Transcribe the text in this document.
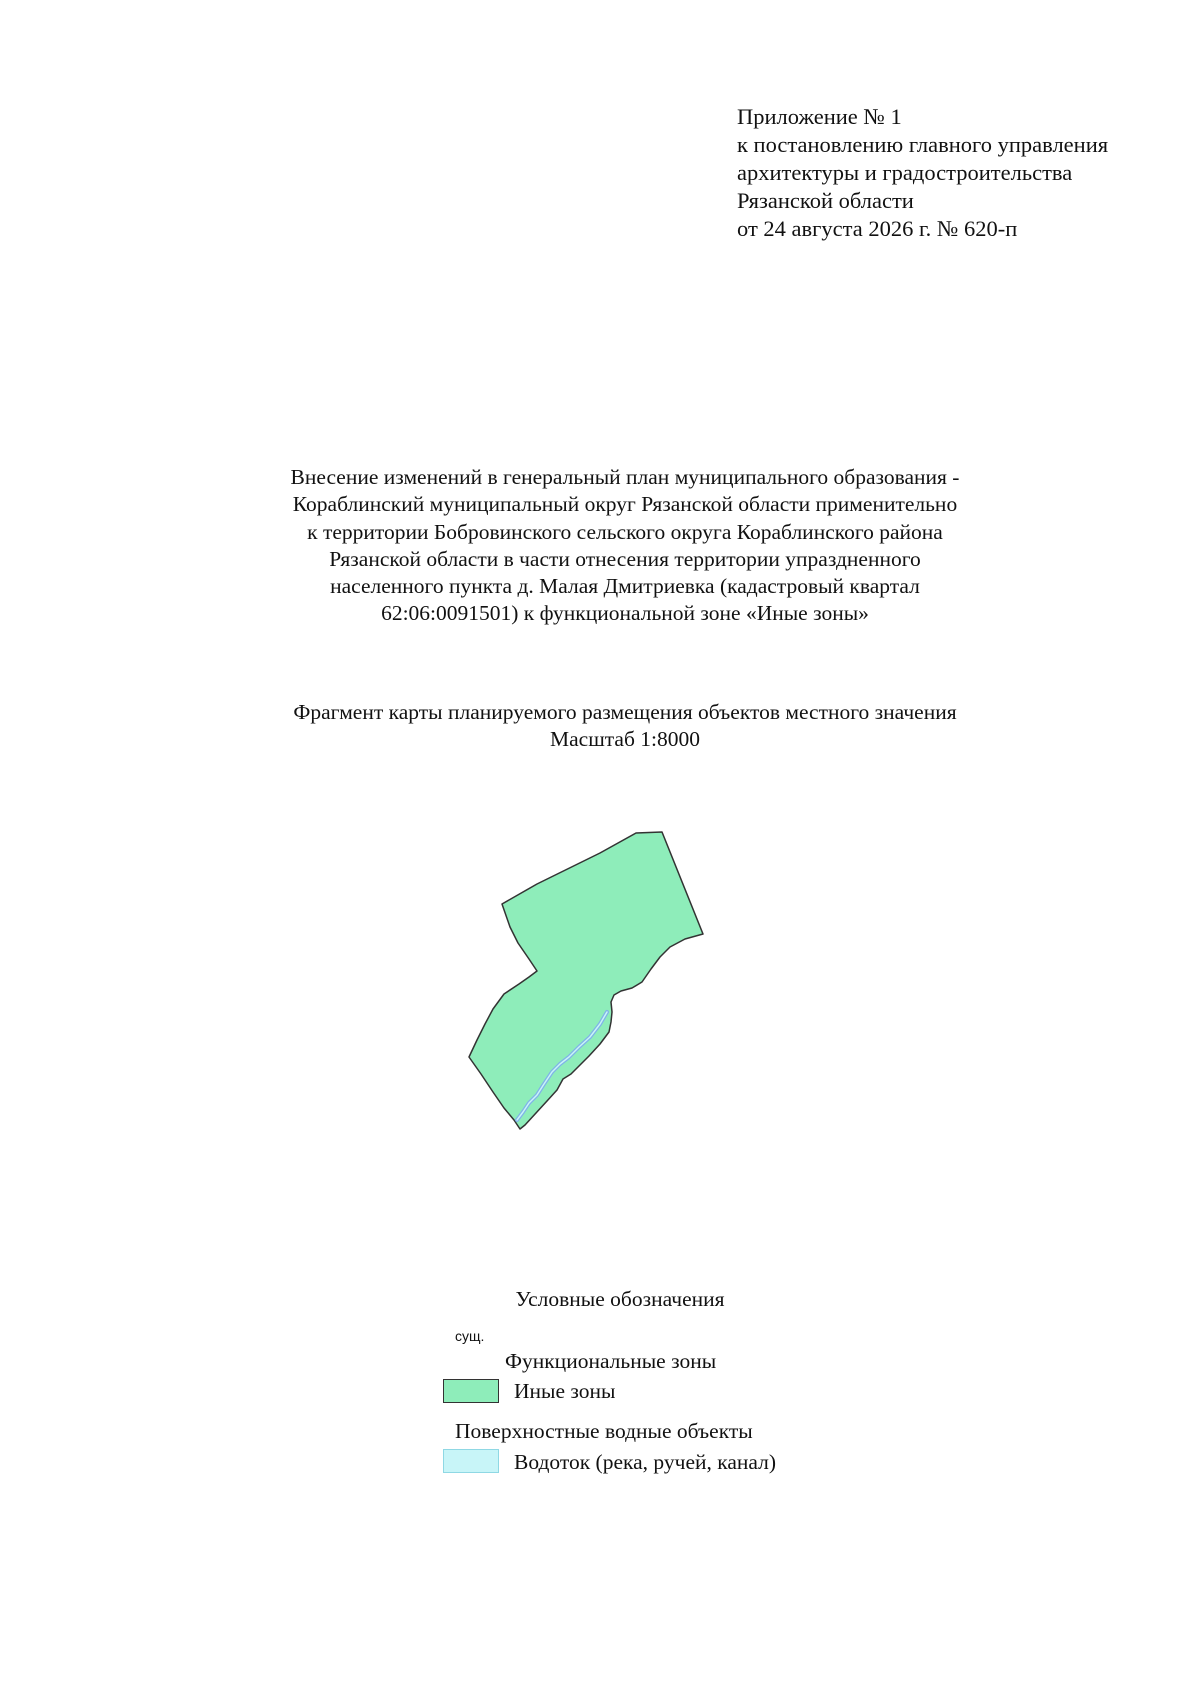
Приложение № 1
к постановлению главного управления
архитектуры и градостроительства
Рязанской области
от 24 августа 2026 г. № 620-п
Внесение изменений в генеральный план муниципального образования -
Кораблинский муниципальный округ Рязанской области применительно
к территории Бобровинского сельского округа Кораблинского района
Рязанской области в части отнесения территории упраздненного
населенного пункта д. Малая Дмитриевка (кадастровый квартал
62:06:0091501) к функциональной зоне «Иные зоны»
Фрагмент карты планируемого размещения объектов местного значения
Масштаб 1:8000
Условные обозначения
сущ.
Функциональные зоны
Иные зоны
Поверхностные водные объекты
Водоток (река, ручей, канал)
